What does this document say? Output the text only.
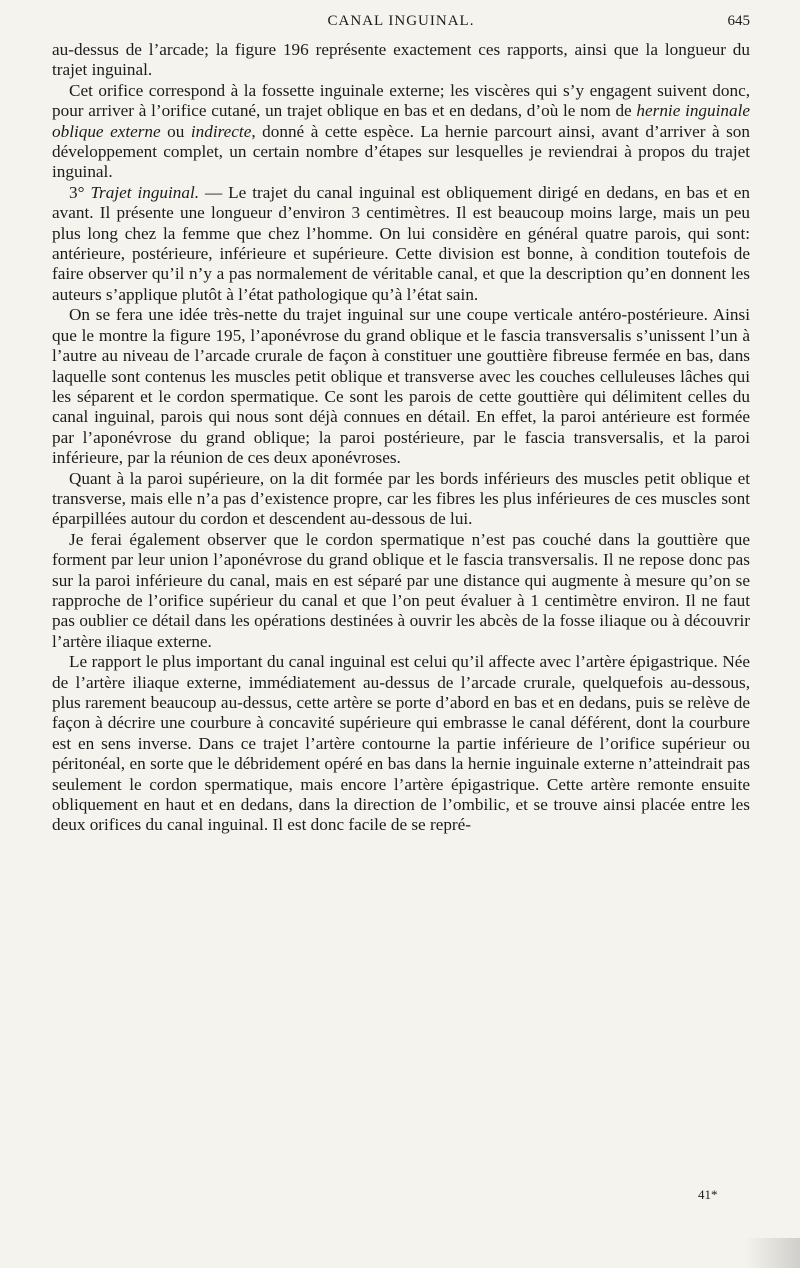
CANAL INGUINAL.	645

au-dessus de l’arcade; la figure 196 représente exactement ces rapports, ainsi que la longueur du trajet inguinal.

Cet orifice correspond à la fossette inguinale externe; les viscères qui s’y engagent suivent donc, pour arriver à l’orifice cutané, un trajet oblique en bas et en dedans, d’où le nom de hernie inguinale oblique externe ou indirecte, donné à cette espèce. La hernie parcourt ainsi, avant d’arriver à son développement complet, un certain nombre d’étapes sur lesquelles je reviendrai à propos du trajet inguinal.

3° Trajet inguinal. — Le trajet du canal inguinal est obliquement dirigé en dedans, en bas et en avant. Il présente une longueur d’environ 3 centimètres. Il est beaucoup moins large, mais un peu plus long chez la femme que chez l’homme. On lui considère en général quatre parois, qui sont: antérieure, postérieure, inférieure et supérieure. Cette division est bonne, à condition toutefois de faire observer qu’il n’y a pas normalement de véritable canal, et que la description qu’en donnent les auteurs s’applique plutôt à l’état pathologique qu’à l’état sain.

On se fera une idée très-nette du trajet inguinal sur une coupe verticale antéro-postérieure. Ainsi que le montre la figure 195, l’aponévrose du grand oblique et le fascia transversalis s’unissent l’un à l’autre au niveau de l’arcade crurale de façon à constituer une gouttière fibreuse fermée en bas, dans laquelle sont contenus les muscles petit oblique et transverse avec les couches celluleuses lâches qui les séparent et le cordon spermatique. Ce sont les parois de cette gouttière qui délimitent celles du canal inguinal, parois qui nous sont déjà connues en détail. En effet, la paroi antérieure est formée par l’aponévrose du grand oblique; la paroi postérieure, par le fascia transversalis, et la paroi inférieure, par la réunion de ces deux aponévroses.

Quant à la paroi supérieure, on la dit formée par les bords inférieurs des muscles petit oblique et transverse, mais elle n’a pas d’existence propre, car les fibres les plus inférieures de ces muscles sont éparpillées autour du cordon et descendent au-dessous de lui.

Je ferai également observer que le cordon spermatique n’est pas couché dans la gouttière que forment par leur union l’aponévrose du grand oblique et le fascia transversalis. Il ne repose donc pas sur la paroi inférieure du canal, mais en est séparé par une distance qui augmente à mesure qu’on se rapproche de l’orifice supérieur du canal et que l’on peut évaluer à 1 centimètre environ. Il ne faut pas oublier ce détail dans les opérations destinées à ouvrir les abcès de la fosse iliaque ou à découvrir l’artère iliaque externe.

Le rapport le plus important du canal inguinal est celui qu’il affecte avec l’artère épigastrique. Née de l’artère iliaque externe, immédiatement au-dessus de l’arcade crurale, quelquefois au-dessous, plus rarement beaucoup au-dessus, cette artère se porte d’abord en bas et en dedans, puis se relève de façon à décrire une courbure à concavité supérieure qui embrasse le canal déférent, dont la courbure est en sens inverse. Dans ce trajet l’artère contourne la partie inférieure de l’orifice supérieur ou péritonéal, en sorte que le débridement opéré en bas dans la hernie inguinale externe n’atteindrait pas seulement le cordon spermatique, mais encore l’artère épigastrique. Cette artère remonte ensuite obliquement en haut et en dedans, dans la direction de l’ombilic, et se trouve ainsi placée entre les deux orifices du canal inguinal. Il est donc facile de se repré-

41*
